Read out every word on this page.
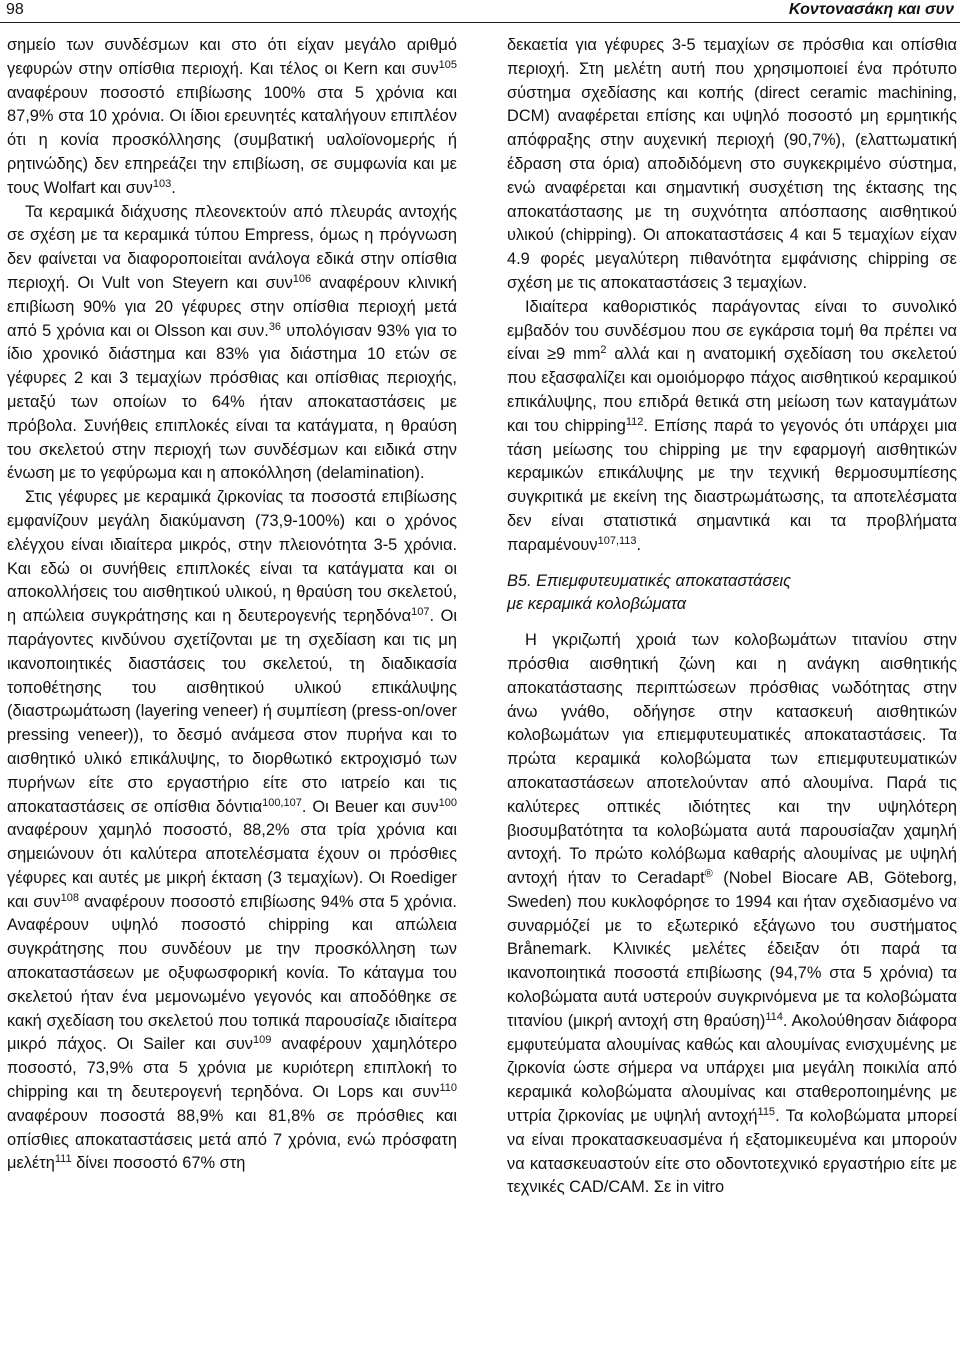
98	Κοντονασάκη και συν

σημείο των συνδέσμων και στο ότι είχαν μεγάλο αριθμό γεφυρών στην οπίσθια περιοχή. Και τέλος οι Kern και συν$^{105}$ αναφέρουν ποσοστό επιβίωσης 100% στα 5 χρόνια και 87,9% στα 10 χρόνια. Οι ίδιοι ερευνητές καταλήγουν επιπλέον ότι η κονία προσκόλλησης (συμβατική υαλοϊονομερής ή ρητινώδης) δεν επηρεάζει την επιβίωση, σε συμφωνία και με τους Wolfart και συν$^{103}$.

Τα κεραμικά διάχυσης πλεονεκτούν από πλευράς αντοχής σε σχέση με τα κεραμικά τύπου Empress, όμως η πρόγνωση δεν φαίνεται να διαφοροποιείται ανάλογα εδικά στην οπίσθια περιοχή. Οι Vult von Steyern και συν$^{106}$ αναφέρουν κλινική επιβίωση 90% για 20 γέφυρες στην οπίσθια περιοχή μετά από 5 χρόνια και οι Olsson και συν.$^{36}$ υπολόγισαν 93% για το ίδιο χρονικό διάστημα και 83% για διάστημα 10 ετών σε γέφυρες 2 και 3 τεμαχίων πρόσθιας και οπίσθιας περιοχής, μεταξύ των οποίων το 64% ήταν αποκαταστάσεις με πρόβολα. Συνήθεις επιπλοκές είναι τα κατάγματα, η θραύση του σκελετού στην περιοχή των συνδέσμων και ειδικά στην ένωση με το γεφύρωμα και η αποκόλληση (delamination).

Στις γέφυρες με κεραμικά ζιρκονίας τα ποσοστά επιβίωσης εμφανίζουν μεγάλη διακύμανση (73,9-100%) και ο χρόνος ελέγχου είναι ιδιαίτερα μικρός, στην πλειονότητα 3-5 χρόνια. Και εδώ οι συνήθεις επιπλοκές είναι τα κατάγματα και οι αποκολλήσεις του αισθητικού υλικού, η θραύση του σκελετού, η απώλεια συγκράτησης και η δευτερογενής τερηδόνα$^{107}$. Οι παράγοντες κινδύνου σχετίζονται με τη σχεδίαση και τις μη ικανοποιητικές διαστάσεις του σκελετού, τη διαδικασία τοποθέτησης του αισθητικού υλικού επικάλυψης (διαστρωμάτωση (layering veneer) ή συμπίεση (press-on/over pressing veneer)), το δεσμό ανάμεσα στον πυρήνα και το αισθητικό υλικό επικάλυψης, το διορθωτικό εκτροχισμό των πυρήνων είτε στο εργαστήριο είτε στο ιατρείο και τις αποκαταστάσεις σε οπίσθια δόντια$^{100,107}$. Οι Beuer και συν$^{100}$ αναφέρουν χαμηλό ποσοστό, 88,2% στα τρία χρόνια και σημειώνουν ότι καλύτερα αποτελέσματα έχουν οι πρόσθιες γέφυρες και αυτές με μικρή έκταση (3 τεμαχίων). Οι Roediger και συν$^{108}$ αναφέρουν ποσοστό επιβίωσης 94% στα 5 χρόνια. Αναφέρουν υψηλό ποσοστό chipping και απώλεια συγκράτησης που συνδέουν με την προσκόλληση των αποκαταστάσεων με οξυφωσφορική κονία. Το κάταγμα του σκελετού ήταν ένα μεμονωμένο γεγονός και αποδόθηκε σε κακή σχεδίαση του σκελετού που τοπικά παρουσίαζε ιδιαίτερα μικρό πάχος. Οι Sailer και συν$^{109}$ αναφέρουν χαμηλότερο ποσοστό, 73,9% στα 5 χρόνια με κυριότερη επιπλοκή το chipping και τη δευτερογενή τερηδόνα. Οι Lops και συν$^{110}$ αναφέρουν ποσοστά 88,9% και 81,8% σε πρόσθιες και οπίσθιες αποκαταστάσεις μετά από 7 χρόνια, ενώ πρόσφατη μελέτη$^{111}$ δίνει ποσοστό 67% στη

δεκαετία για γέφυρες 3-5 τεμαχίων σε πρόσθια και οπίσθια περιοχή. Στη μελέτη αυτή που χρησιμοποιεί ένα πρότυπο σύστημα σχεδίασης και κοπής (direct ceramic machining, DCM) αναφέρεται επίσης και υψηλό ποσοστό μη ερμητικής απόφραξης στην αυχενική περιοχή (90,7%), (ελαττωματική έδραση στα όρια) αποδιδόμενη στο συγκεκριμένο σύστημα, ενώ αναφέρεται και σημαντική συσχέτιση της έκτασης της αποκατάστασης με τη συχνότητα απόσπασης αισθητικού υλικού (chipping). Οι αποκαταστάσεις 4 και 5 τεμαχίων είχαν 4.9 φορές μεγαλύτερη πιθανότητα εμφάνισης chipping σε σχέση με τις αποκαταστάσεις 3 τεμαχίων.

Ιδιαίτερα καθοριστικός παράγοντας είναι το συνολικό εμβαδόν του συνδέσμου που σε εγκάρσια τομή θα πρέπει να είναι ≥9 $mm^2$ αλλά και η ανατομική σχεδίαση του σκελετού που εξασφαλίζει και ομοιόμορφο πάχος αισθητικού κεραμικού επικάλυψης, που επιδρά θετικά στη μείωση των καταγμάτων και του chipping$^{112}$. Επίσης παρά το γεγονός ότι υπάρχει μια τάση μείωσης του chipping με την εφαρμογή αισθητικών κεραμικών επικάλυψης με την τεχνική θερμοσυμπίεσης συγκριτικά με εκείνη της διαστρωμάτωσης, τα αποτελέσματα δεν είναι στατιστικά σημαντικά και τα προβλήματα παραμένουν$^{107,113}$.

Β5. Επιεμφυτευματικές αποκαταστάσεις
με κεραμικά κολοβώματα

Η γκριζωπή χροιά των κολοβωμάτων τιτανίου στην πρόσθια αισθητική ζώνη και η ανάγκη αισθητικής αποκατάστασης περιπτώσεων πρόσθιας νωδότητας στην άνω γνάθο, οδήγησε στην κατασκευή αισθητικών κολοβωμάτων για επιεμφυτευματικές αποκαταστάσεις. Τα πρώτα κεραμικά κολοβώματα των επιεμφυτευματικών αποκαταστάσεων αποτελούνταν από αλουμίνα. Παρά τις καλύτερες οπτικές ιδιότητες και την υψηλότερη βιοσυμβατότητα τα κολοβώματα αυτά παρουσίαζαν χαμηλή αντοχή. Το πρώτο κολόβωμα καθαρής αλουμίνας με υψηλή αντοχή ήταν το Ceradapt® (Nobel Biocare AB, Göteborg, Sweden) που κυκλοφόρησε το 1994 και ήταν σχεδιασμένο να συναρμόζεί με το εξωτερικό εξάγωνο του συστήματος Brånemark. Κλινικές μελέτες έδειξαν ότι παρά τα ικανοποιητικά ποσοστά επιβίωσης (94,7% στα 5 χρόνια) τα κολοβώματα αυτά υστερούν συγκρινόμενα με τα κολοβώματα τιτανίου (μικρή αντοχή στη θραύση)$^{114}$. Ακολούθησαν διάφορα εμφυτεύματα αλουμίνας καθώς και αλουμίνας ενισχυμένης με ζιρκονία ώστε σήμερα να υπάρχει μια μεγάλη ποικιλία από κεραμικά κολοβώματα αλουμίνας και σταθεροποιημένης με υττρία ζιρκονίας με υψηλή αντοχή$^{115}$. Τα κολοβώματα μπορεί να είναι προκατασκευασμένα ή εξατομικευμένα και μπορούν να κατασκευαστούν είτε στο οδοντοτεχνικό εργαστήριο είτε με τεχνικές CAD/CAM. Σε in vitro
